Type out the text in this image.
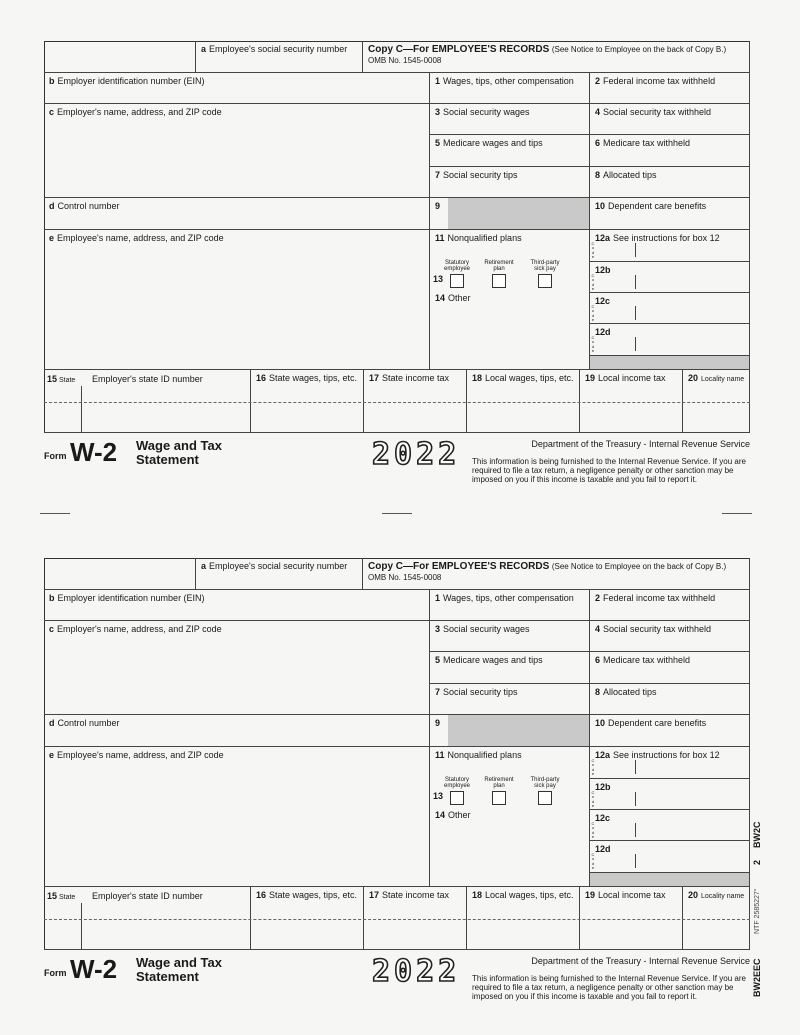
a Employee's social security number	Copy C—For EMPLOYEE'S RECORDS (See Notice to Employee on the back of Copy B.)
OMB No. 1545-0008
b Employer identification number (EIN)	1 Wages, tips, other compensation	2 Federal income tax withheld
c Employer's name, address, and ZIP code	3 Social security wages	4 Social security tax withheld
5 Medicare wages and tips	6 Medicare tax withheld
7 Social security tips	8 Allocated tips
d Control number	9	10 Dependent care benefits
e Employee's name, address, and ZIP code	11 Nonqualified plans
13
Statutory employee
Retirement plan
Third-party sick pay
14 Other
12a See instructions for box 12
C o d e
12b
C o d e
12c
C o d e
12d
C o d e
15 State Employer's state ID number	16 State wages, tips, etc.	17 State income tax	18 Local wages, tips, etc.	19 Local income tax	20 Locality name
Form W-2 Wage and Tax
Statement	2022	Department of the Treasury - Internal Revenue Service
This information is being furnished to the Internal Revenue Service. If you are required to file a tax return, a negligence penalty or other sanction may be imposed on you if this income is taxable and you fail to report it.
a Employee's social security number	Copy C—For EMPLOYEE'S RECORDS (See Notice to Employee on the back of Copy B.)
OMB No. 1545-0008
b Employer identification number (EIN)	1 Wages, tips, other compensation	2 Federal income tax withheld
c Employer's name, address, and ZIP code	3 Social security wages	4 Social security tax withheld
5 Medicare wages and tips	6 Medicare tax withheld
7 Social security tips	8 Allocated tips
d Control number	9	10 Dependent care benefits
e Employee's name, address, and ZIP code	11 Nonqualified plans
13
Statutory employee
Retirement plan
Third-party sick pay
14 Other
12a See instructions for box 12
C o d e
12b
C o d e
12c
C o d e
12d
C o d e
15 State Employer's state ID number	16 State wages, tips, etc.	17 State income tax	18 Local wages, tips, etc.	19 Local income tax	20 Locality name
Form W-2 Wage and Tax
Statement	2022	Department of the Treasury - Internal Revenue Service
This information is being furnished to the Internal Revenue Service. If you are required to file a tax return, a negligence penalty or other sanction may be imposed on you if this income is taxable and you fail to report it.
BW2C
2
NTF 2585227°
BW2EEC
